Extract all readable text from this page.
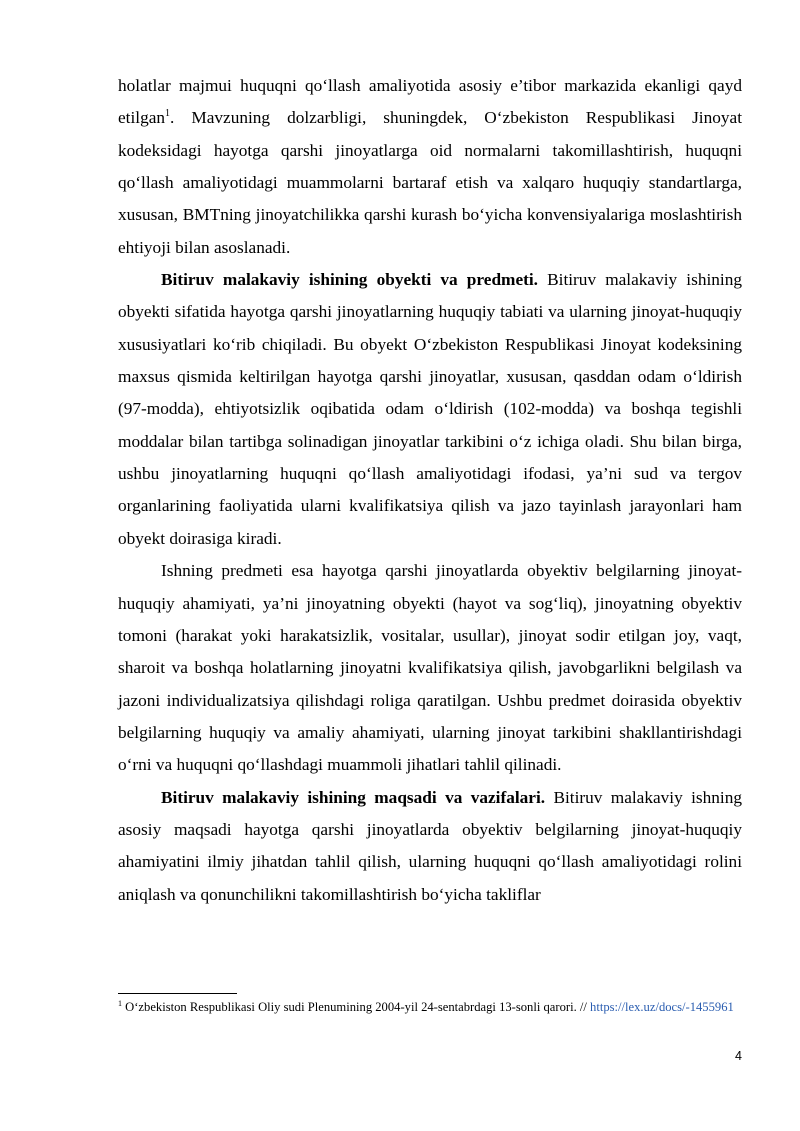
holatlar majmui huquqni qo‘llash amaliyotida asosiy e’tibor markazida ekanligi qayd etilgan$^1$. Mavzuning dolzarbligi, shuningdek, O‘zbekiston Respublikasi Jinoyat kodeksidagi hayotga qarshi jinoyatlarga oid normalarni takomillashtirish, huquqni qo‘llash amaliyotidagi muammolarni bartaraf etish va xalqaro huquqiy standartlarga, xususan, BMTning jinoyatchilikka qarshi kurash bo‘yicha konvensiyalariga moslashtirish ehtiyoji bilan asoslanadi.

Bitiruv malakaviy ishining obyekti va predmeti. Bitiruv malakaviy ishining obyekti sifatida hayotga qarshi jinoyatlarning huquqiy tabiati va ularning jinoyat-huquqiy xususiyatlari ko‘rib chiqiladi. Bu obyekt O‘zbekiston Respublikasi Jinoyat kodeksining maxsus qismida keltirilgan hayotga qarshi jinoyatlar, xususan, qasddan odam o‘ldirish (97-modda), ehtiyotsizlik oqibatida odam o‘ldirish (102-modda) va boshqa tegishli moddalar bilan tartibga solinadigan jinoyatlar tarkibini o‘z ichiga oladi. Shu bilan birga, ushbu jinoyatlarning huquqni qo‘llash amaliyotidagi ifodasi, ya’ni sud va tergov organlarining faoliyatida ularni kvalifikatsiya qilish va jazo tayinlash jarayonlari ham obyekt doirasiga kiradi.

Ishning predmeti esa hayotga qarshi jinoyatlarda obyektiv belgilarning jinoyat-huquqiy ahamiyati, ya’ni jinoyatning obyekti (hayot va sog‘liq), jinoyatning obyektiv tomoni (harakat yoki harakatsizlik, vositalar, usullar), jinoyat sodir etilgan joy, vaqt, sharoit va boshqa holatlarning jinoyatni kvalifikatsiya qilish, javobgarlikni belgilash va jazoni individualizatsiya qilishdagi roliga qaratilgan. Ushbu predmet doirasida obyektiv belgilarning huquqiy va amaliy ahamiyati, ularning jinoyat tarkibini shakllantirishdagi o‘rni va huquqni qo‘llashdagi muammoli jihatlari tahlil qilinadi.

Bitiruv malakaviy ishining maqsadi va vazifalari. Bitiruv malakaviy ishning asosiy maqsadi hayotga qarshi jinoyatlarda obyektiv belgilarning jinoyat-huquqiy ahamiyatini ilmiy jihatdan tahlil qilish, ularning huquqni qo‘llash amaliyotidagi rolini aniqlash va qonunchilikni takomillashtirish bo‘yicha takliflar

$^1$ O‘zbekiston Respublikasi Oliy sudi Plenumining 2004-yil 24-sentabrdagi 13-sonli qarori. // https://lex.uz/docs/-1455961
4
